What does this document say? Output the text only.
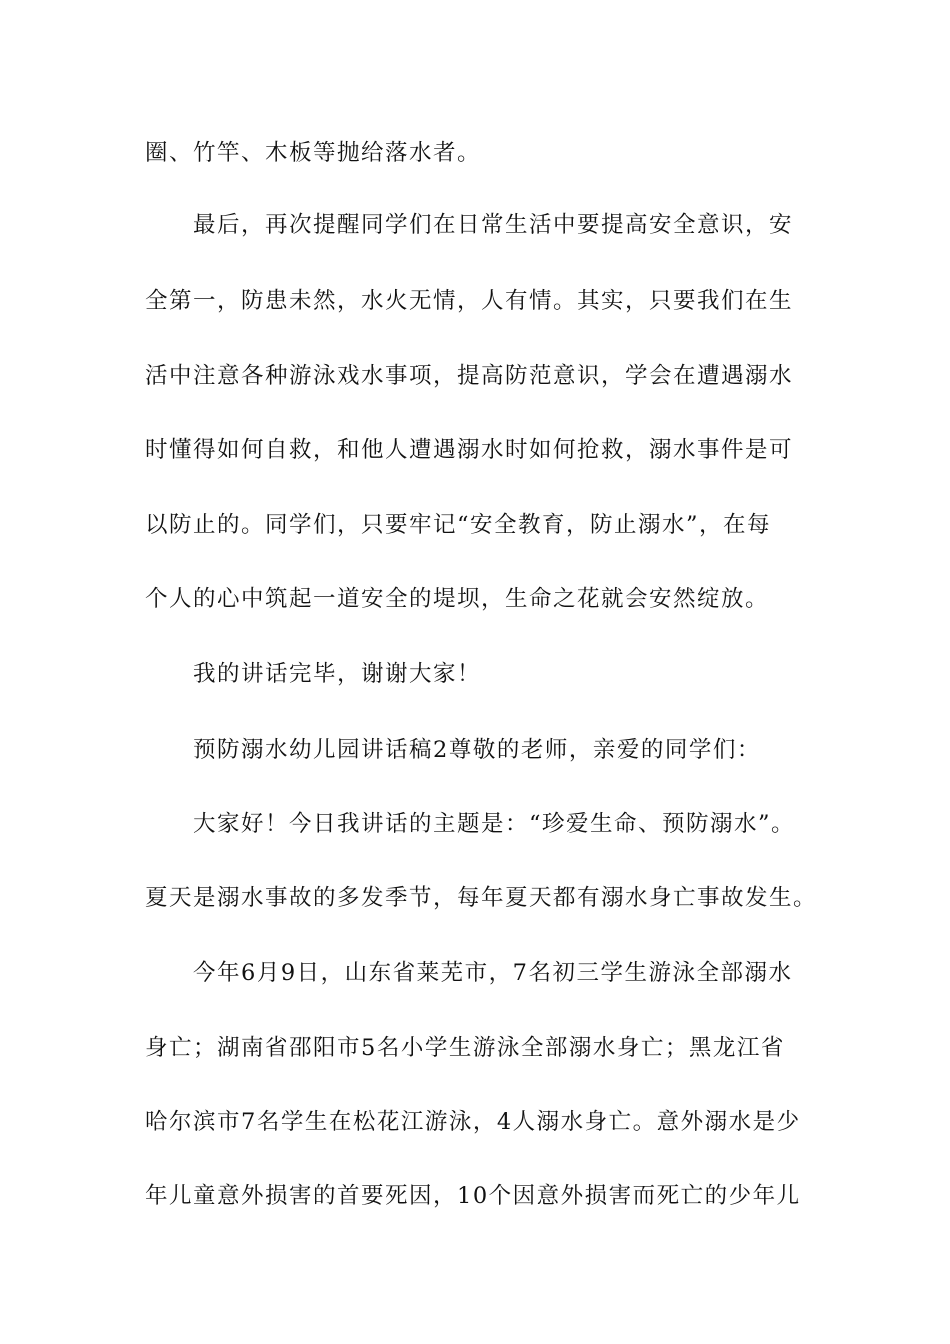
圈、竹竿、木板等抛给落水者。

最后，再次提醒同学们在日常生活中要提高安全意识，安

全第一，防患未然，水火无情，人有情。其实，只要我们在生

活中注意各种游泳戏水事项，提高防范意识，学会在遭遇溺水

时懂得如何自救，和他人遭遇溺水时如何抢救，溺水事件是可

以防止的。同学们，只要牢记“安全教育，防止溺水”，在每

个人的心中筑起一道安全的堤坝，生命之花就会安然绽放。

我的讲话完毕，谢谢大家！

预防溺水幼儿园讲话稿2尊敬的老师，亲爱的同学们：

大家好！今日我讲话的主题是：“珍爱生命、预防溺水”。

夏天是溺水事故的多发季节，每年夏天都有溺水身亡事故发生。

今年6月9日，山东省莱芜市，7名初三学生游泳全部溺水

身亡；湖南省邵阳市5名小学生游泳全部溺水身亡；黑龙江省

哈尔滨市7名学生在松花江游泳，4人溺水身亡。意外溺水是少

年儿童意外损害的首要死因，10个因意外损害而死亡的少年儿
